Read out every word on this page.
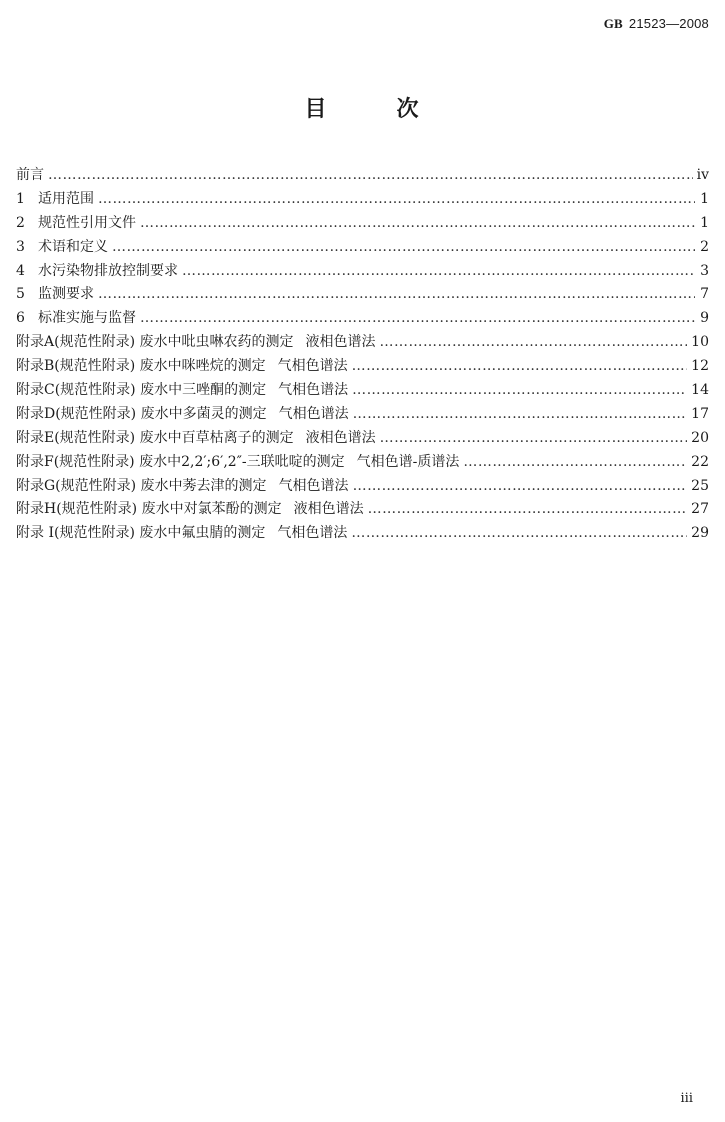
GB 21523—2008
目	次
前言 ……………………………………………………………………………………………………………………………………………………………………………………………………	ⅳ
1 适用范围 ……………………………………………………………………………………………………………………………………………………………………………………………………	1
2 规范性引用文件 ……………………………………………………………………………………………………………………………………………………………………………………………………	1
3 术语和定义 ……………………………………………………………………………………………………………………………………………………………………………………………………	2
4 水污染物排放控制要求 ……………………………………………………………………………………………………………………………………………………………………………………………………	3
5 监测要求 ……………………………………………………………………………………………………………………………………………………………………………………………………	7
6 标准实施与监督 ……………………………………………………………………………………………………………………………………………………………………………………………………	9
附录A(规范性附录) 废水中吡虫啉农药的测定 液相色谱法 ……………………………………………………………………………………………………………………………………………………………………………………………………	10
附录B(规范性附录) 废水中咪唑烷的测定 气相色谱法 ……………………………………………………………………………………………………………………………………………………………………………………………………	12
附录C(规范性附录) 废水中三唑酮的测定 气相色谱法 ……………………………………………………………………………………………………………………………………………………………………………………………………	14
附录D(规范性附录) 废水中多菌灵的测定 气相色谱法 ……………………………………………………………………………………………………………………………………………………………………………………………………	17
附录E(规范性附录) 废水中百草枯离子的测定 液相色谱法 ……………………………………………………………………………………………………………………………………………………………………………………………………	20
附录F(规范性附录) 废水中2,2′;6′,2″-三联吡啶的测定 气相色谱-质谱法 ……………………………………………………………………………………………………………………………………………………………………………………………………	22
附录G(规范性附录) 废水中莠去津的测定 气相色谱法 ……………………………………………………………………………………………………………………………………………………………………………………………………	25
附录H(规范性附录) 废水中对氯苯酚的测定 液相色谱法 ……………………………………………………………………………………………………………………………………………………………………………………………………	27
附录 I(规范性附录) 废水中氟虫腈的测定 气相色谱法 ……………………………………………………………………………………………………………………………………………………………………………………………………	29
ⅲ
